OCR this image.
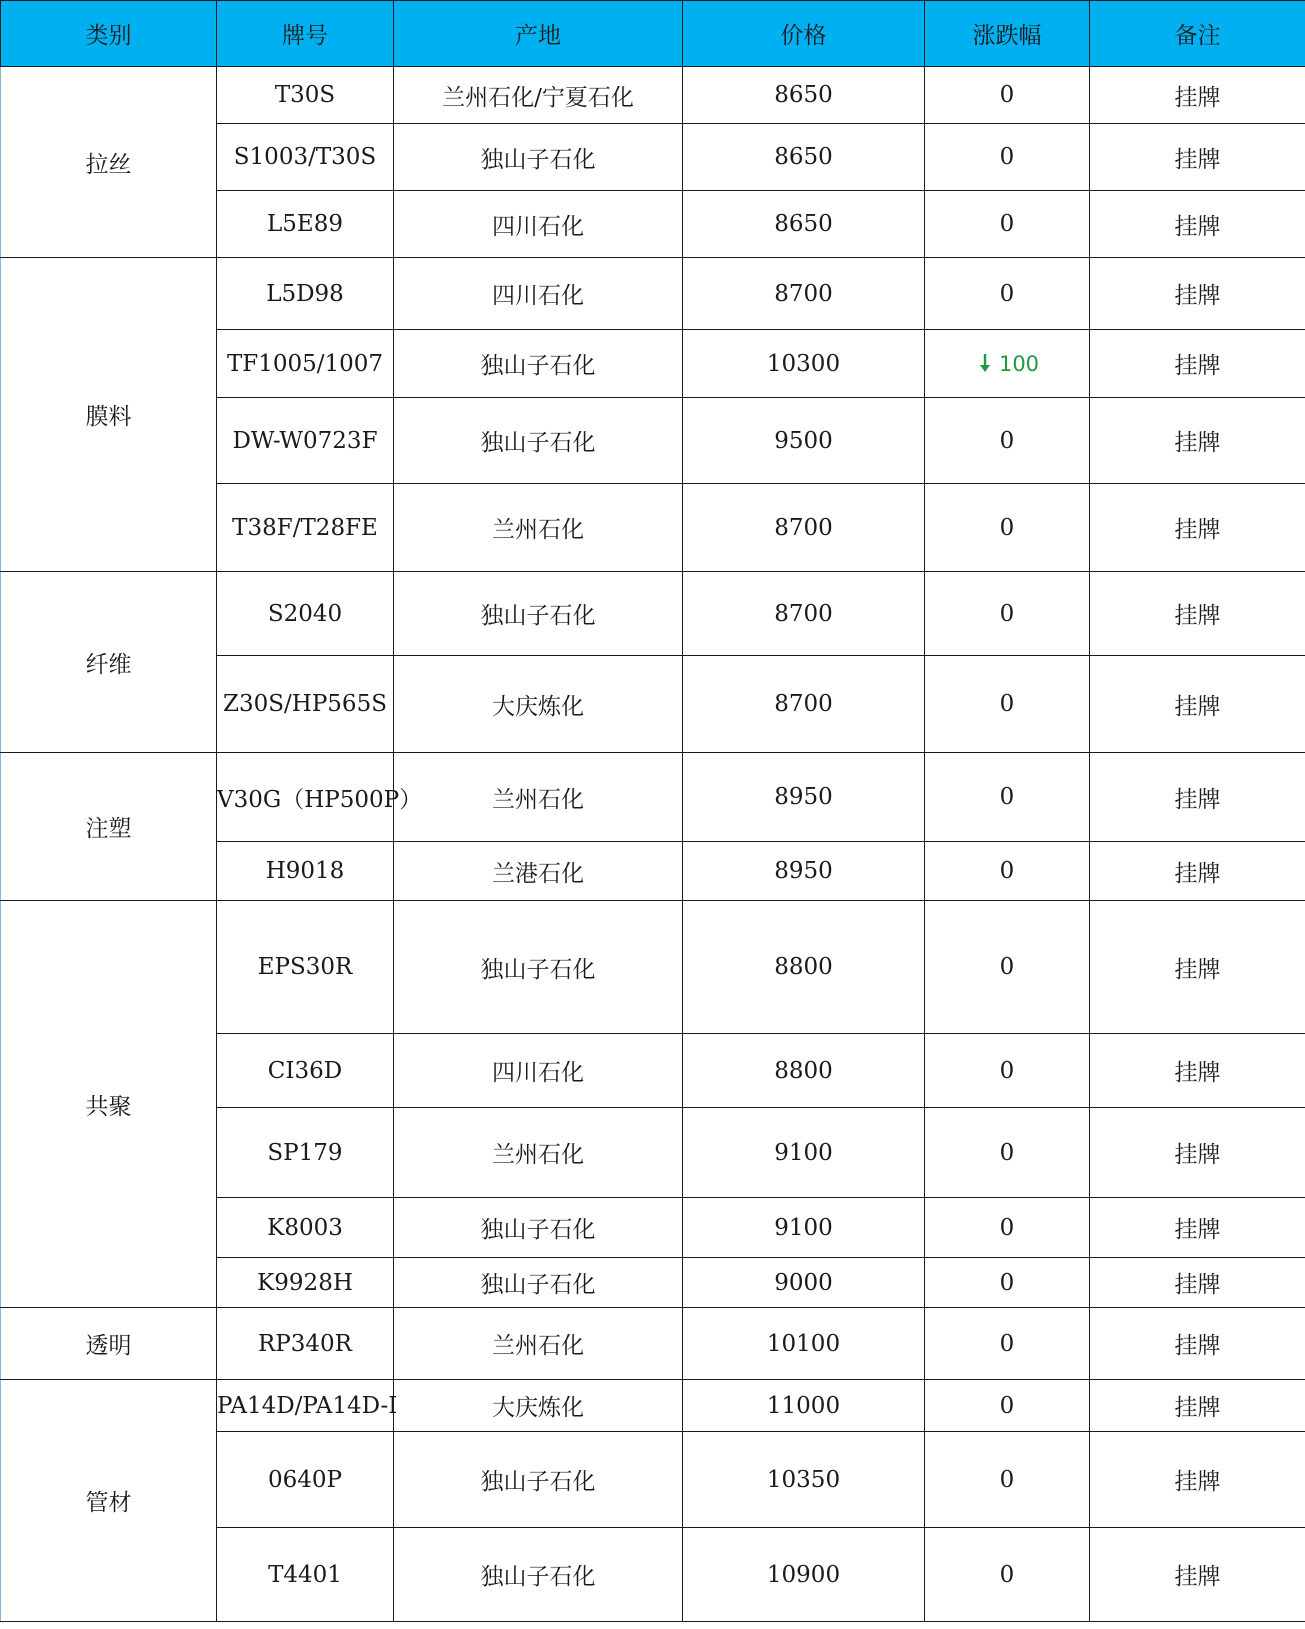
类别	牌号	产地	价格	涨跌幅	备注
拉丝	T30S	兰州石化/宁夏石化	8650	0	挂牌
	S1003/T30S	独山子石化	8650	0	挂牌
	L5E89	四川石化	8650	0	挂牌
膜料	L5D98	四川石化	8700	0	挂牌
	TF1005/1007	独山子石化	10300	100	挂牌
	DW-W0723F	独山子石化	9500	0	挂牌
	T38F/T28FE	兰州石化	8700	0	挂牌
纤维	S2040	独山子石化	8700	0	挂牌
	Z30S/HP565S	大庆炼化	8700	0	挂牌
注塑	V30G（HP500P）	兰州石化	8950	0	挂牌
	H9018	兰港石化	8950	0	挂牌
共聚	EPS30R	独山子石化	8800	0	挂牌
	CI36D	四川石化	8800	0	挂牌
	SP179	兰州石化	9100	0	挂牌
	K8003	独山子石化	9100	0	挂牌
	K9928H	独山子石化	9000	0	挂牌
透明	RP340R	兰州石化	10100	0	挂牌
管材	PA14D/PA14D-I	大庆炼化	11000	0	挂牌
	0640P	独山子石化	10350	0	挂牌
	T4401	独山子石化	10900	0	挂牌
